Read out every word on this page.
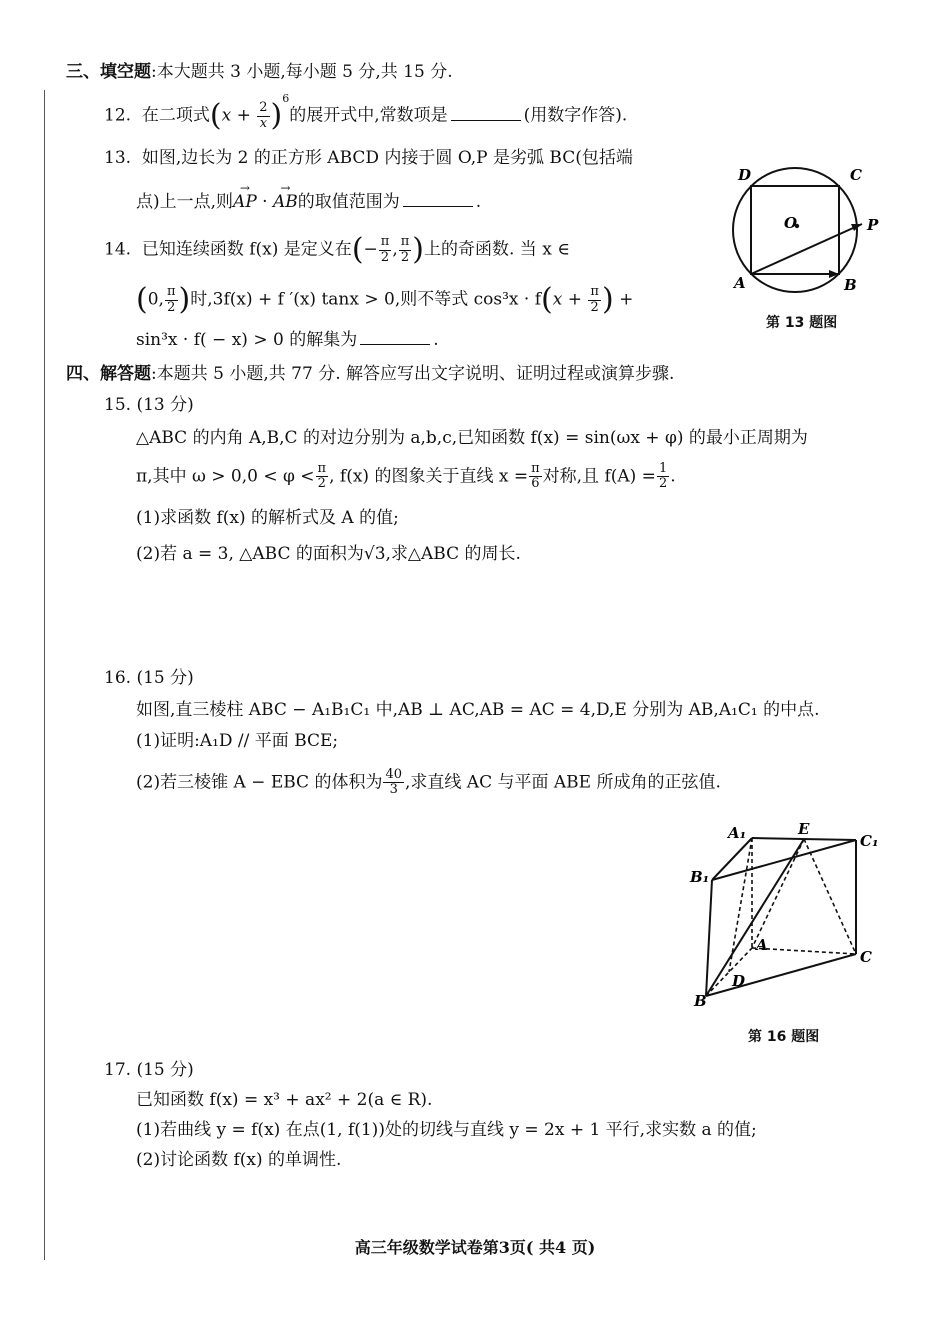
三、填空题:本大题共 3 小题,每小题 5 分,共 15 分.
12. 在二项式$(x + \frac{2}{x} )^6$的展开式中,常数项是	(用数字作答).
13. 如图,边长为 2 的正方形 ABCD 内接于圆 O,P 是劣弧 BC(包括端
点)上一点,则→ AP · → AB的取值范围为	.
D	C
O	P
A	B
第 13 题图
14. 已知连续函数 f(x) 是定义在(− $\frac{\pi}{2}$ , $\frac{\pi}{2}$ )上的奇函数. 当 x ∈
(0, $\frac{\pi}{2}$ )时,3f(x) + f ′(x) tanx > 0,则不等式 $\cos^3x \cdot f(x + \frac{\pi}{2}$ ) +
sin³x · f( − x) > 0 的解集为	.
四、解答题:本题共 5 小题,共 77 分. 解答应写出文字说明、证明过程或演算步骤.
15. (13 分)
△ABC 的内角 A,B,C 的对边分别为 a,b,c,已知函数 f(x) = sin(ωx + φ) 的最小正周期为
π,其中 $\omega > 0,0 < \varphi < \frac{\pi}{2}$ , f(x) 的图象关于直线 $x = \frac{\pi}{6}$ 对称,且 $f(A) = \frac{1}{2}$ .
(1)求函数 f(x) 的解析式及 A 的值;
(2)若 a = 3, △ABC 的面积为√3,求△ABC 的周长.
16. (15 分)
如图,直三棱柱 ABC − A₁B₁C₁ 中,AB ⊥ AC,AB = AC = 4,D,E 分别为 AB,A₁C₁ 的中点.
(1)证明:A₁D // 平面 BCE;
(2)若三棱锥 A − EBC 的体积为 $\frac{40}{3}$ ,求直线 AC 与平面 ABE 所成角的正弦值.
A₁	E
C₁
B₁
A
C
D
B
第 16 题图
17. (15 分)
已知函数 f(x) = x³ + ax² + 2(a ∈ R).
(1)若曲线 y = f(x) 在点(1, f(1))处的切线与直线 y = 2x + 1 平行,求实数 a 的值;
(2)讨论函数 f(x) 的单调性.
高三年级数学试卷第3页( 共4 页)
